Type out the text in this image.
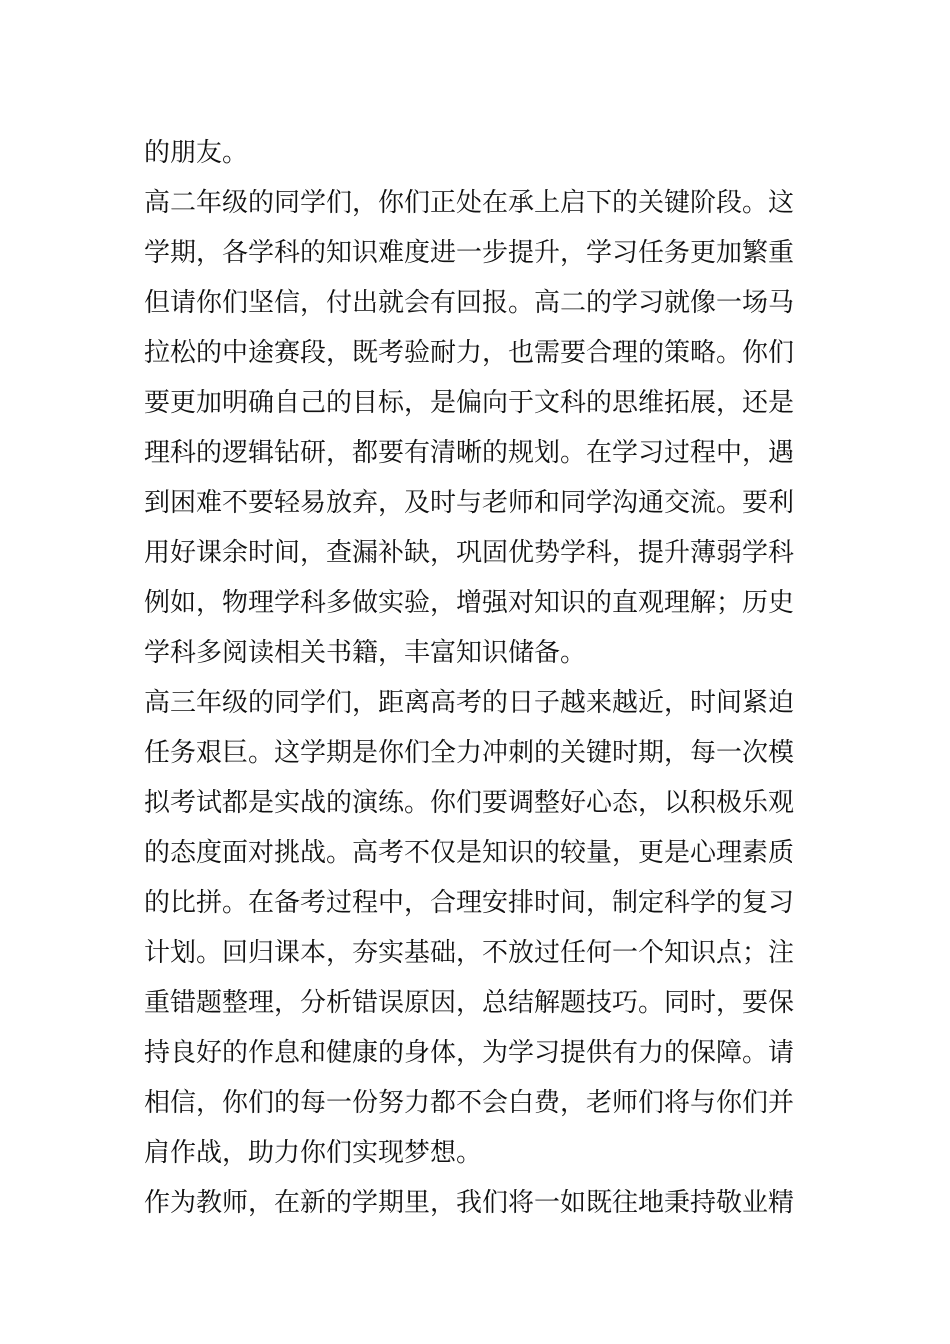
的朋友。
高二年级的同学们，你们正处在承上启下的关键阶段。这
学期，各学科的知识难度进一步提升，学习任务更加繁重
但请你们坚信，付出就会有回报。高二的学习就像一场马
拉松的中途赛段，既考验耐力，也需要合理的策略。你们
要更加明确自己的目标，是偏向于文科的思维拓展，还是
理科的逻辑钻研，都要有清晰的规划。在学习过程中，遇
到困难不要轻易放弃，及时与老师和同学沟通交流。要利
用好课余时间，查漏补缺，巩固优势学科，提升薄弱学科
例如，物理学科多做实验，增强对知识的直观理解；历史
学科多阅读相关书籍，丰富知识储备。
高三年级的同学们，距离高考的日子越来越近，时间紧迫
任务艰巨。这学期是你们全力冲刺的关键时期，每一次模
拟考试都是实战的演练。你们要调整好心态，以积极乐观
的态度面对挑战。高考不仅是知识的较量，更是心理素质
的比拼。在备考过程中，合理安排时间，制定科学的复习
计划。回归课本，夯实基础，不放过任何一个知识点；注
重错题整理，分析错误原因，总结解题技巧。同时，要保
持良好的作息和健康的身体，为学习提供有力的保障。请
相信，你们的每一份努力都不会白费，老师们将与你们并
肩作战，助力你们实现梦想。
作为教师，在新的学期里，我们将一如既往地秉持敬业精
